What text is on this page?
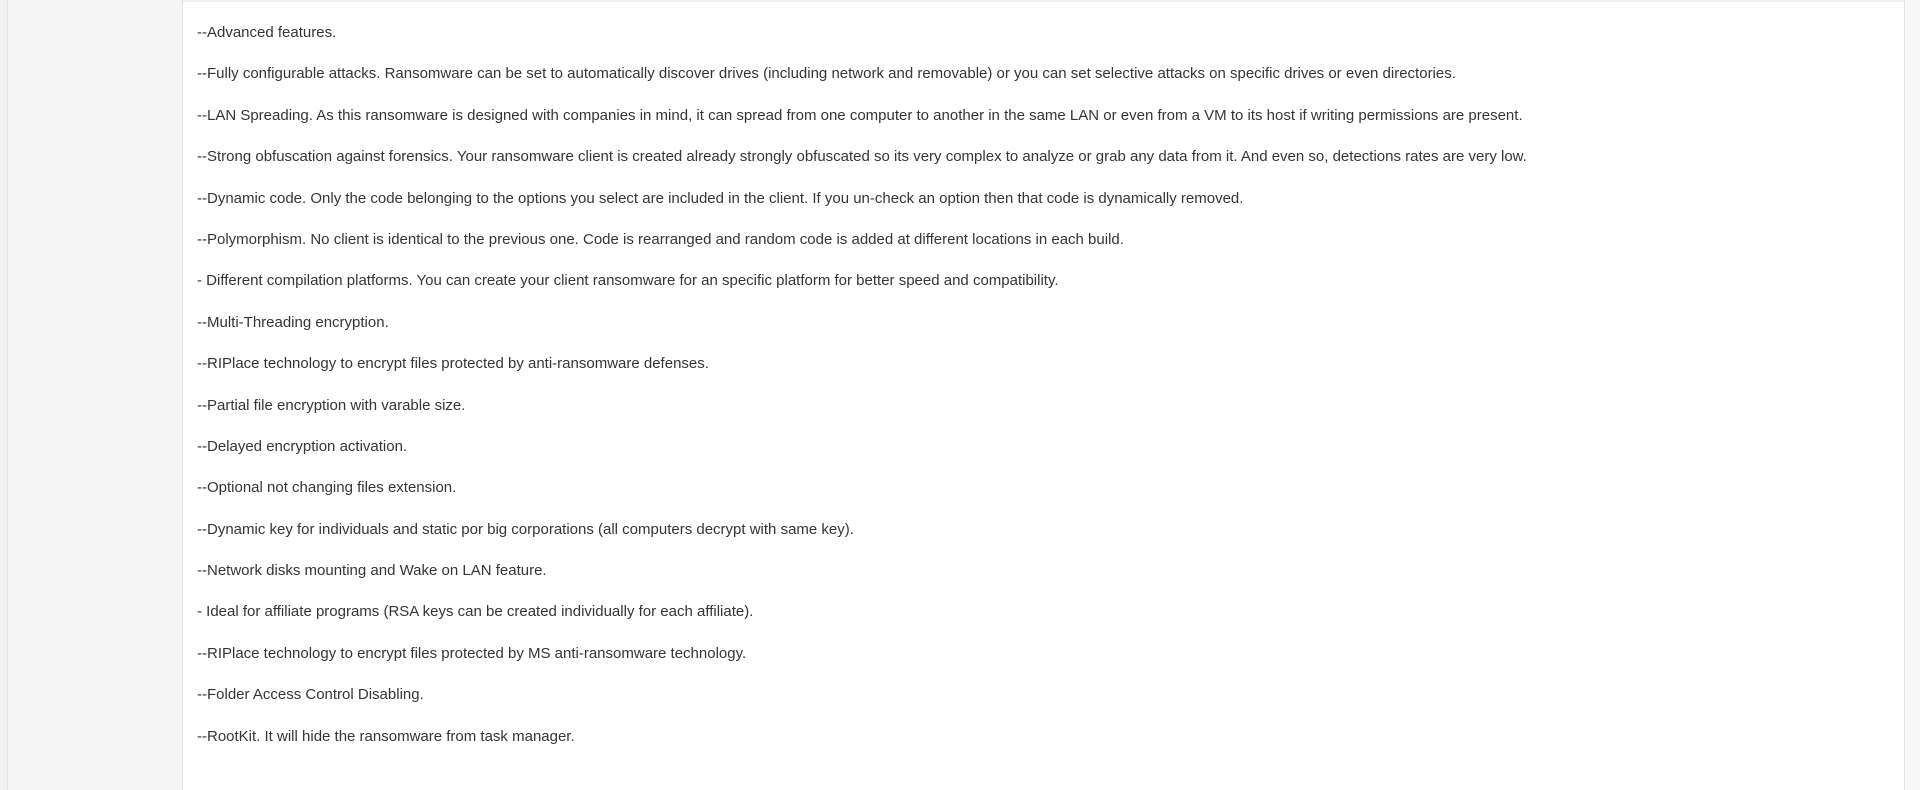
--Advanced features.
--Fully configurable attacks. Ransomware can be set to automatically discover drives (including network and removable) or you can set selective attacks on specific drives or even directories.
--LAN Spreading. As this ransomware is designed with companies in mind, it can spread from one computer to another in the same LAN or even from a VM to its host if writing permissions are present.
--Strong obfuscation against forensics. Your ransomware client is created already strongly obfuscated so its very complex to analyze or grab any data from it. And even so, detections rates are very low.
--Dynamic code. Only the code belonging to the options you select are included in the client. If you un-check an option then that code is dynamically removed.
--Polymorphism. No client is identical to the previous one. Code is rearranged and random code is added at different locations in each build.
- Different compilation platforms. You can create your client ransomware for an specific platform for better speed and compatibility.
--Multi-Threading encryption.
--RIPlace technology to encrypt files protected by anti-ransomware defenses.
--Partial file encryption with varable size.
--Delayed encryption activation.
--Optional not changing files extension.
--Dynamic key for individuals and static por big corporations (all computers decrypt with same key).
--Network disks mounting and Wake on LAN feature.
- Ideal for affiliate programs (RSA keys can be created individually for each affiliate).
--RIPlace technology to encrypt files protected by MS anti-ransomware technology.
--Folder Access Control Disabling.
--RootKit. It will hide the ransomware from task manager.
